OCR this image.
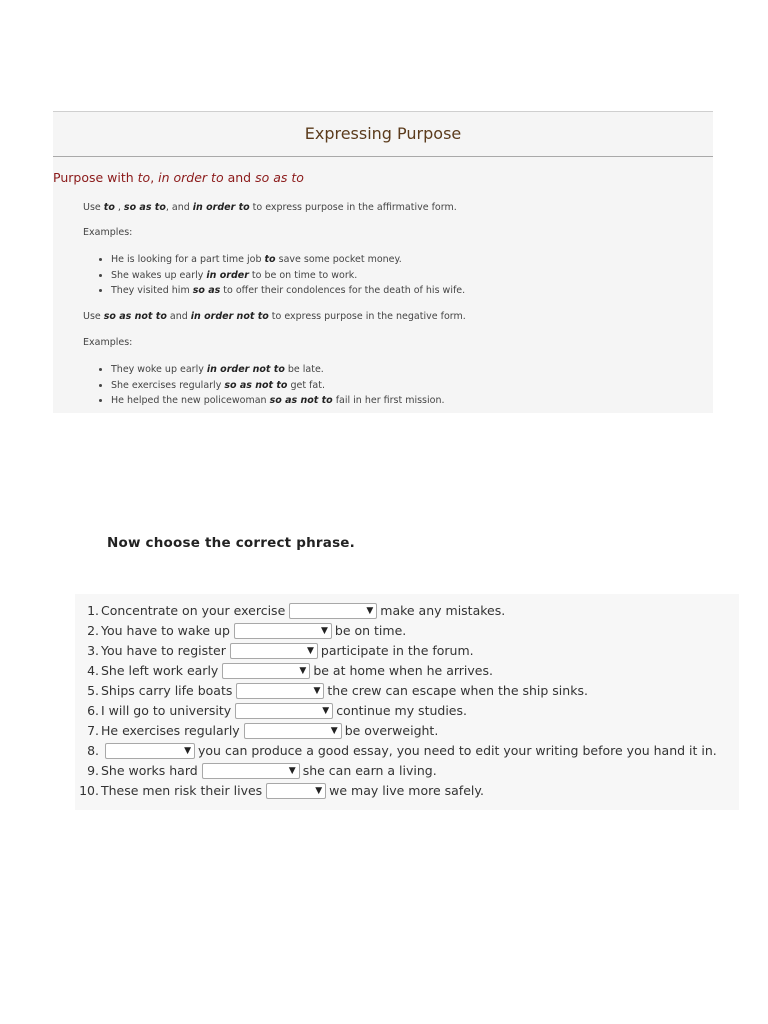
Expressing Purpose
Purpose with to, in order to and so as to
Use to , so as to, and in order to to express purpose in the affirmative form.
Examples:
• He is looking for a part time job to save some pocket money.
• She wakes up early in order to be on time to work.
• They visited him so as to offer their condolences for the death of his wife.
Use so as not to and in order not to to express purpose in the negative form.
Examples:
• They woke up early in order not to be late.
• She exercises regularly so as not to get fat.
• He helped the new policewoman so as not to fail in her first mission.
Now choose the correct phrase.
1. Concentrate on your exercise	▼ make any mistakes.
2. You have to wake up	▼ be on time.
3. You have to register	▼ participate in the forum.
4. She left work early	▼ be at home when he arrives.
5. Ships carry life boats	▼ the crew can escape when the ship sinks.
6. I will go to university	▼ continue my studies.
7. He exercises regularly	▼ be overweight.
8.	▼ you can produce a good essay, you need to edit your writing before you hand it in.
9. She works hard	▼ she can earn a living.
10. These men risk their lives	▼ we may live more safely.
